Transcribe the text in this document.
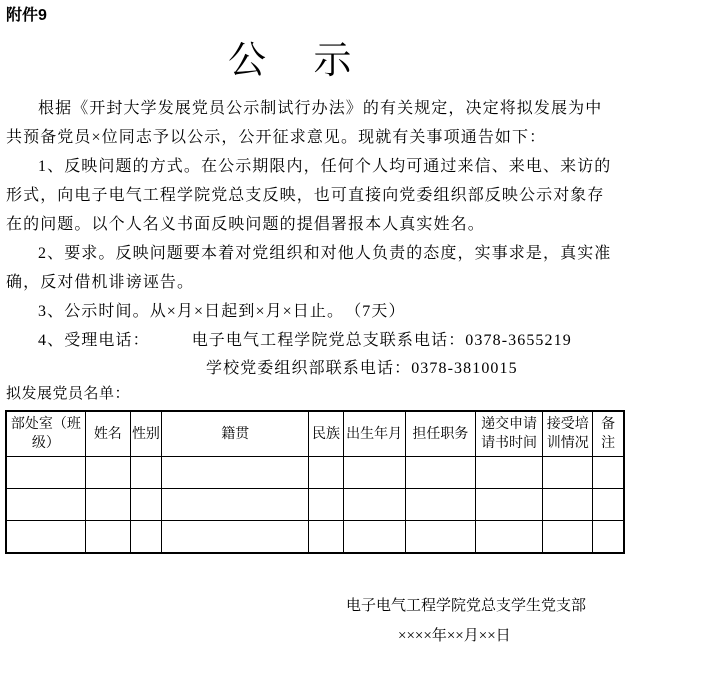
附件9
公     示

根据《开封大学发展党员公示制试行办法》的有关规定，决定将拟发展为中共预备党员×位同志予以公示，公开征求意见。现就有关事项通告如下：

1、反映问题的方式。在公示期限内，任何个人均可通过来信、来电、来访的形式，向电子电气工程学院党总支反映，也可直接向党委组织部反映公示对象存在的问题。以个人名义书面反映问题的提倡署报本人真实姓名。

2、要求。反映问题要本着对党组织和对他人负责的态度，实事求是，真实准确，反对借机诽谤诬告。

3、公示时间。从×月×日起到×月×日止。　（7天）

4、受理电话：	电子电气工程学院党总支联系电话：0378-3655219

学校党委组织部联系电话：0378-3810015

拟发展党员名单：

部处室（班级）	姓名	性别	籍贯	民族	出生年月	担任职务	递交申请请书时间	接受培训情况	备注

电子电气工程学院党总支学生党支部
××××年××月××日
